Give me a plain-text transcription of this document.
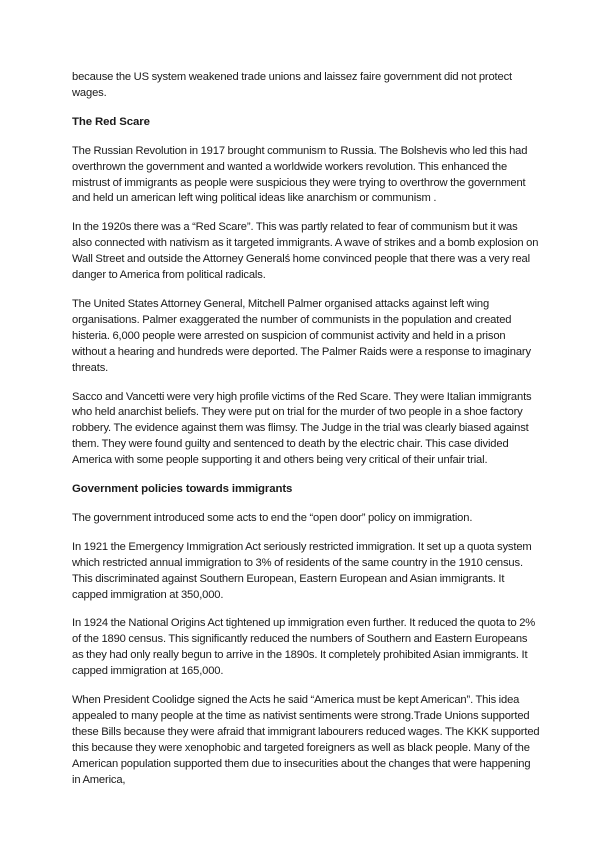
because the US system weakened trade unions and laissez faire government did not protect wages.

The Red Scare

The Russian Revolution in 1917 brought communism to Russia. The Bolshevis who led this had overthrown the government and wanted a worldwide workers revolution. This enhanced the mistrust of immigrants as people were suspicious they were trying to overthrow the government and held un american left wing political ideas like anarchism or communism .

In the 1920s there was a “Red Scare”. This was partly related to fear of communism but it was also connected with nativism as it targeted immigrants. A wave of strikes and a bomb explosion on Wall Street and outside the Attorney Generalś home convinced people that there was a very real danger to America from political radicals.

The United States Attorney General, Mitchell Palmer organised attacks against left wing organisations. Palmer exaggerated the number of communists in the population and created histeria. 6,000 people were arrested on suspicion of communist activity and held in a prison without a hearing and hundreds were deported. The Palmer Raids were a response to imaginary threats.

Sacco and Vancetti were very high profile victims of the Red Scare. They were Italian immigrants who held anarchist beliefs. They were put on trial for the murder of two people in a shoe factory robbery. The evidence against them was flimsy. The Judge in the trial was clearly biased against them. They were found guilty and sentenced to death by the electric chair. This case divided America with some people supporting it and others being very critical of their unfair trial.

Government policies towards immigrants

The government introduced some acts to end the “open door” policy on immigration.

In 1921 the Emergency Immigration Act seriously restricted immigration. It set up a quota system which restricted annual immigration to 3% of residents of the same country in the 1910 census. This discriminated against Southern European, Eastern European and Asian immigrants. It capped immigration at 350,000.

In 1924 the National Origins Act tightened up immigration even further. It reduced the quota to 2% of the 1890 census. This significantly reduced the numbers of Southern and Eastern Europeans as they had only really begun to arrive in the 1890s. It completely prohibited Asian immigrants. It capped immigration at 165,000.

When President Coolidge signed the Acts he said “America must be kept American”. This idea appealed to many people at the time as nativist sentiments were strong.Trade Unions supported these Bills because they were afraid that immigrant labourers reduced wages. The KKK supported this because they were xenophobic and targeted foreigners as well as black people. Many of the American population supported them due to insecurities about the changes that were happening in America,
